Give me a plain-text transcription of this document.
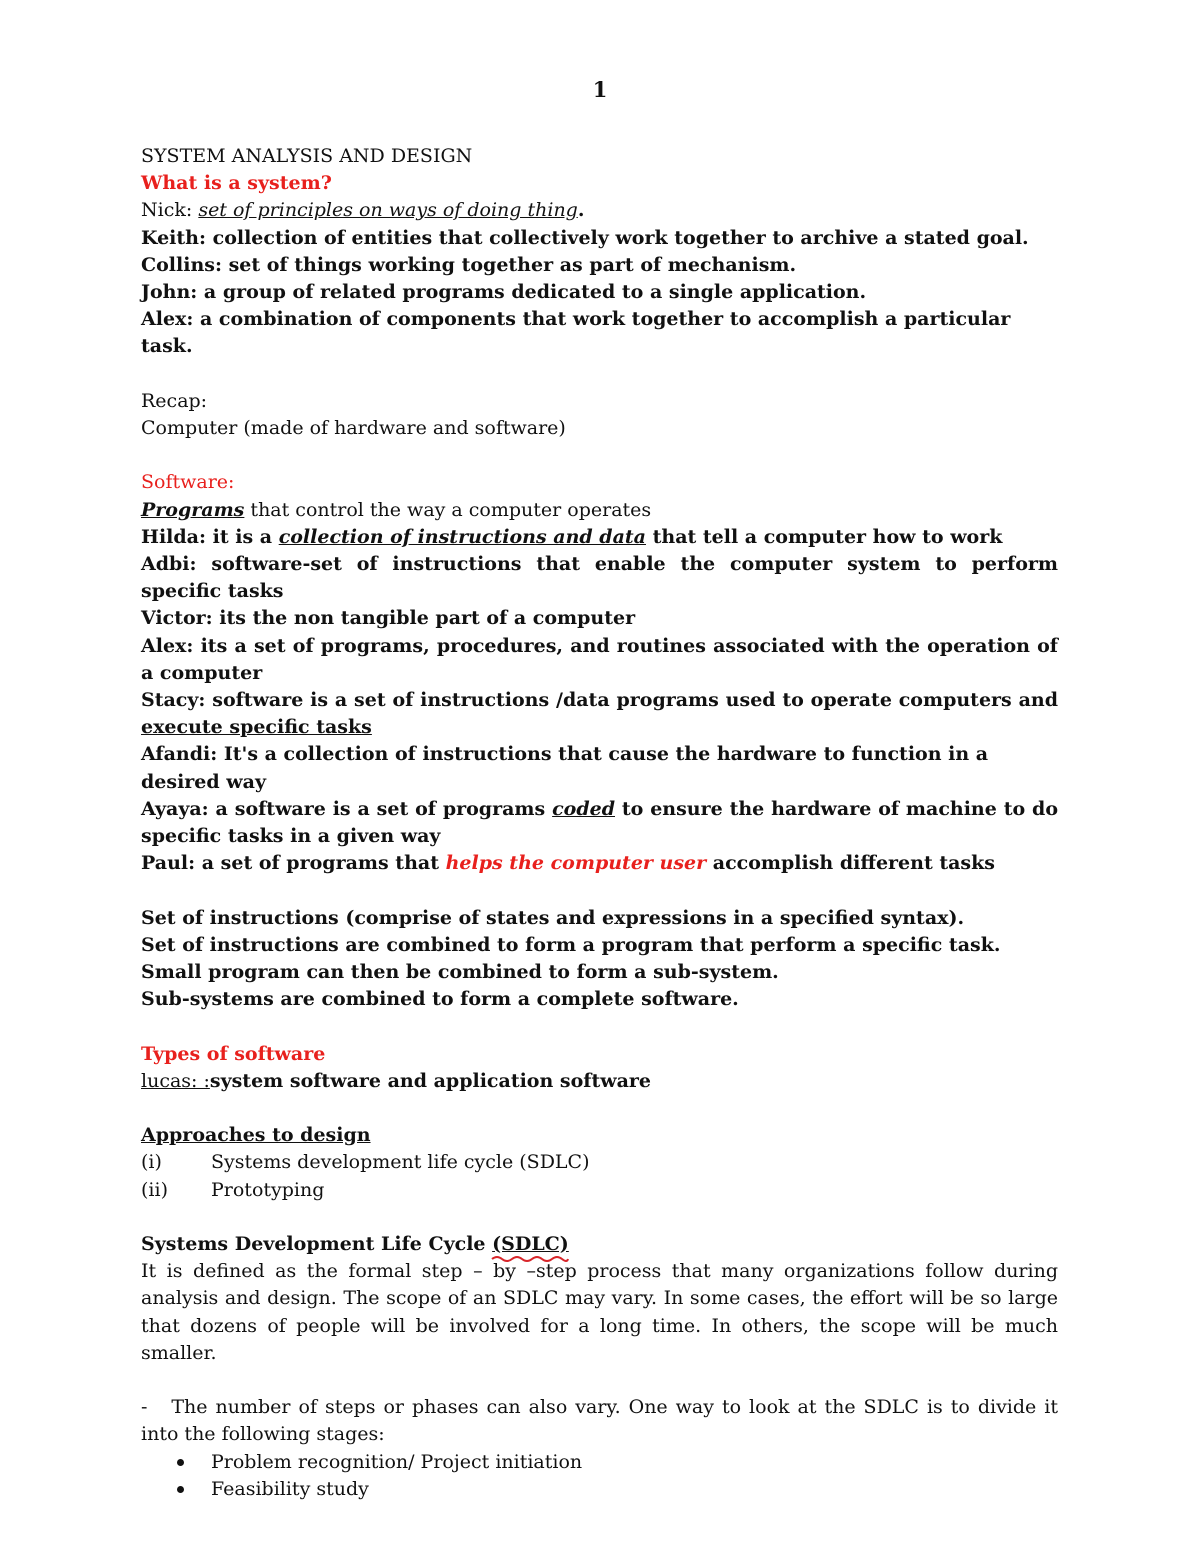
1

SYSTEM ANALYSIS AND DESIGN

What is a system?

Nick: set of principles on ways of doing thing.

Keith: collection of entities that collectively work together to archive a stated goal.

Collins: set of things working together as part of mechanism.

John: a group of related programs dedicated to a single application.

Alex: a combination of components that work together to accomplish a particular task.

Recap:

Computer (made of hardware and software)

Software:

Programs that control the way a computer operates

Hilda: it is a collection of instructions and data that tell a computer how to work

Adbi: software-set of instructions that enable the computer system to perform specific tasks

Victor: its the non tangible part of a computer

Alex: its a set of programs, procedures, and routines associated with the operation of a computer

Stacy: software is a set of instructions /data programs used to operate computers and execute specific tasks

Afandi: It's a collection of instructions that cause the hardware to function in a desired way

Ayaya: a software is a set of programs coded to ensure the hardware of machine to do specific tasks in a given way

Paul: a set of programs that helps the computer user accomplish different tasks

Set of instructions (comprise of states and expressions in a specified syntax).

Set of instructions are combined to form a program that perform a specific task.

Small program can then be combined to form a sub-system.

Sub-systems are combined to form a complete software.

Types of software

lucas: :system software and application software

Approaches to design

(i)	Systems development life cycle (SDLC)
(ii)	Prototyping

Systems Development Life Cycle (SDLC)

It is defined as the formal step – by –step process that many organizations follow during analysis and design. The scope of an SDLC may vary. In some cases, the effort will be so large that dozens of people will be involved for a long time. In others, the scope will be much smaller.

-   The number of steps or phases can also vary. One way to look at the SDLC is to divide it into the following stages:

Problem recognition/ Project initiation
Feasibility study
